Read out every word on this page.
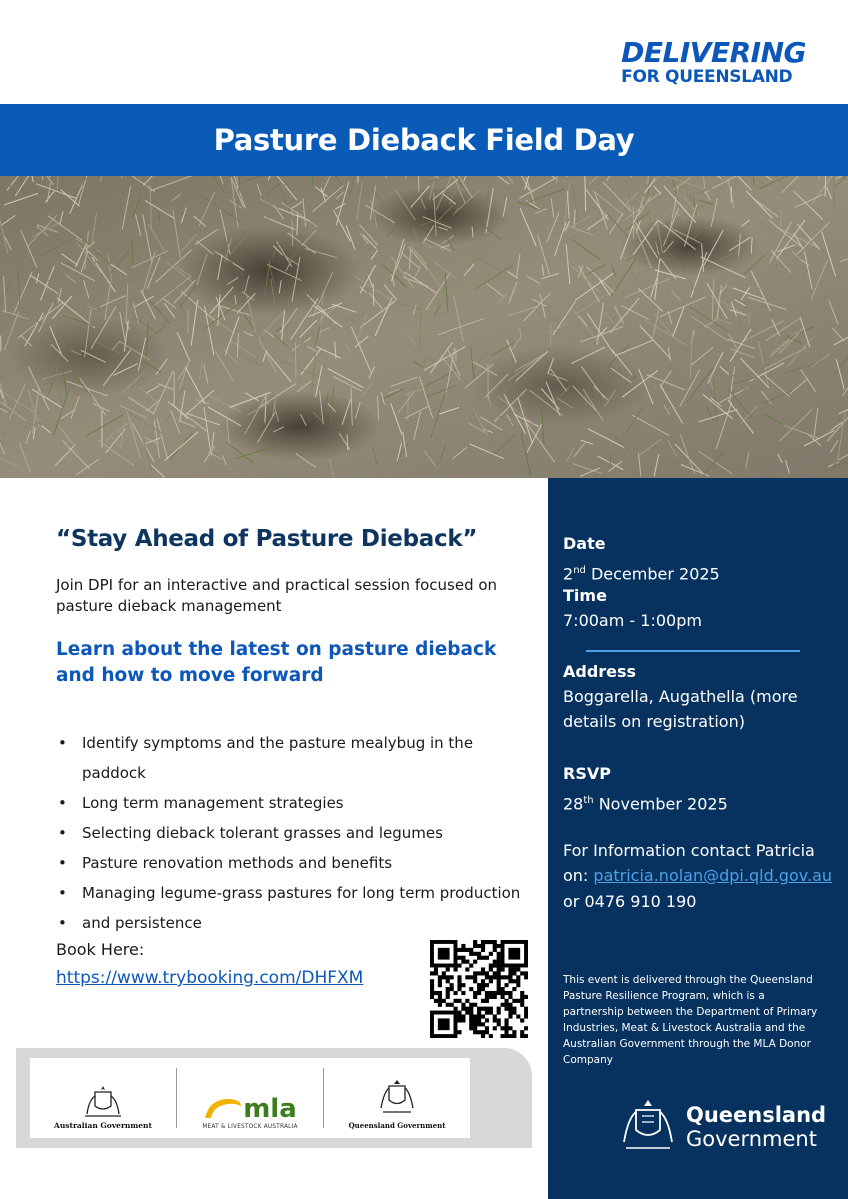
DELIVERING
FOR QUEENSLAND
Pasture Dieback Field Day
“Stay Ahead of Pasture Dieback”
Join DPI for an interactive and practical session focused on pasture dieback management
Learn about the latest on pasture dieback
and how to move forward
• Identify symptoms and the pasture mealybug in the paddock
• Long term management strategies
• Selecting dieback tolerant grasses and legumes
• Pasture renovation methods and benefits
• Managing legume-grass pastures for long term production
• and persistence
Book Here:
https://www.trybooking.com/DHFXM
Australian Government
mla
MEAT & LIVESTOCK AUSTRALIA	Queensland Government
Date
2nd December 2025
Time
7:00am - 1:00pm
Address
Boggarella, Augathella (more
details on registration)
RSVP
28th November 2025
For Information contact Patricia
on: patricia.nolan@dpi.qld.gov.au
or 0476 910 190
This event is delivered through the Queensland Pasture Resilience Program, which is a partnership between the Department of Primary Industries, Meat & Livestock Australia and the Australian Government through the MLA Donor Company
Queensland
Government
